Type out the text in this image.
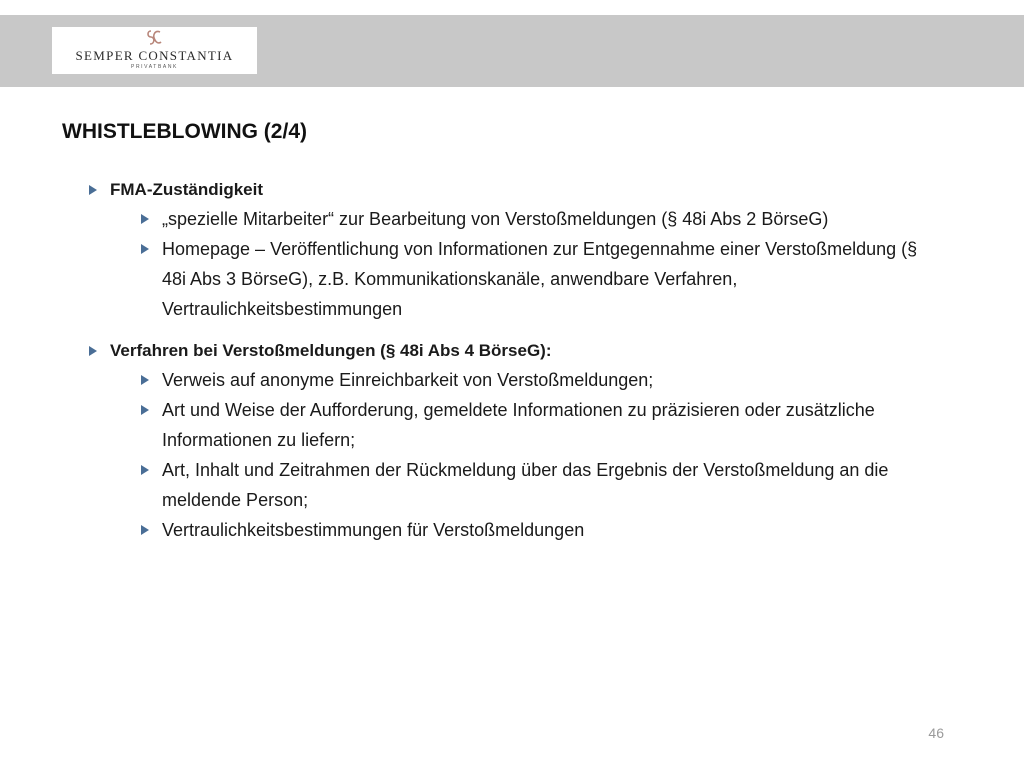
SEMPER CONSTANTIA
PRIVATBANK
WHISTLEBLOWING (2/4)

FMA-Zuständigkeit

„spezielle Mitarbeiter“ zur Bearbeitung von Verstoßmeldungen (§ 48i Abs 2 BörseG)
Homepage – Veröffentlichung von Informationen zur Entgegennahme einer Verstoßmeldung (§ 48i Abs 3 BörseG), z.B. Kommunikationskanäle, anwendbare Verfahren, Vertraulichkeitsbestimmungen

Verfahren bei Verstoßmeldungen (§ 48i Abs 4 BörseG):

Verweis auf anonyme Einreichbarkeit von Verstoßmeldungen;
Art und Weise der Aufforderung, gemeldete Informationen zu präzisieren oder zusätzliche Informationen zu liefern;
Art, Inhalt und Zeitrahmen der Rückmeldung über das Ergebnis der Verstoßmeldung an die meldende Person;
Vertraulichkeitsbestimmungen für Verstoßmeldungen
46
